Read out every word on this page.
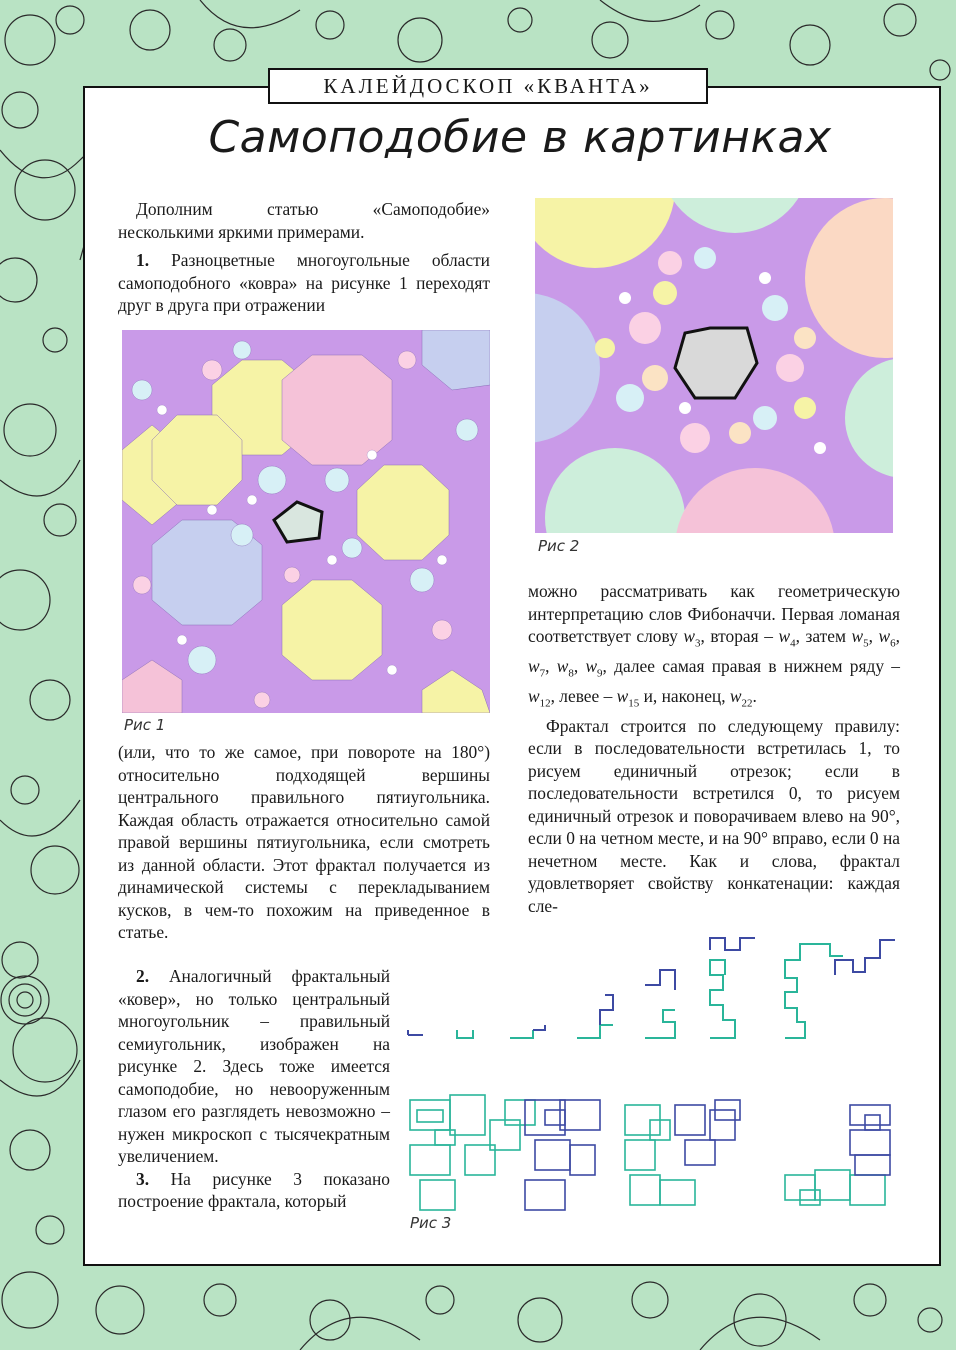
КАЛЕЙДОСКОП «КВАНТА»
Самоподобие в картинках

Дополним статью «Самоподобие» несколькими яркими примерами.

1. Разноцветные многоугольные области самоподобного «ковра» на рисунке 1 переходят друг в друга при отражении

Рис 1

(или, что то же самое, при повороте на 180°) относительно подходящей вершины центрального правильного пятиугольника. Каждая область отражается относительно самой правой вершины пятиугольника, если смотреть из данной области. Этот фрактал получается из динамической системы с перекладыванием кусков, в чем-то похожим на приведенное в статье.

2. Аналогичный фрактальный «ковер», но только центральный многоугольник – правильный семиугольник, изображен на рисунке 2. Здесь тоже имеется самоподобие, но невооруженным глазом его разглядеть невозможно – нужен микроскоп с тысячекратным увеличением.

3. На рисунке 3 показано построение фрактала, который

Рис 2

можно рассматривать как геометрическую интерпретацию слов Фибоначчи. Первая ломаная соответствует слову $w_3$, вторая – $w_4$, затем $w_5$, $w_6$, $w_7$, $w_8$, $w_9$, далее самая правая в нижнем ряду – $w_{12}$, левее – $w_{15}$ и, наконец, $w_{22}$.

Фрактал строится по следующему правилу: если в последовательности встретилась 1, то рисуем единичный отрезок; если в последовательности встретился 0, то рисуем единичный отрезок и поворачиваем влево на 90°, если 0 на четном месте, и на 90° вправо, если 0 на нечетном месте. Как и слова, фрактал удовлетворяет свойству конкатенации: каждая сле-

Рис 3
